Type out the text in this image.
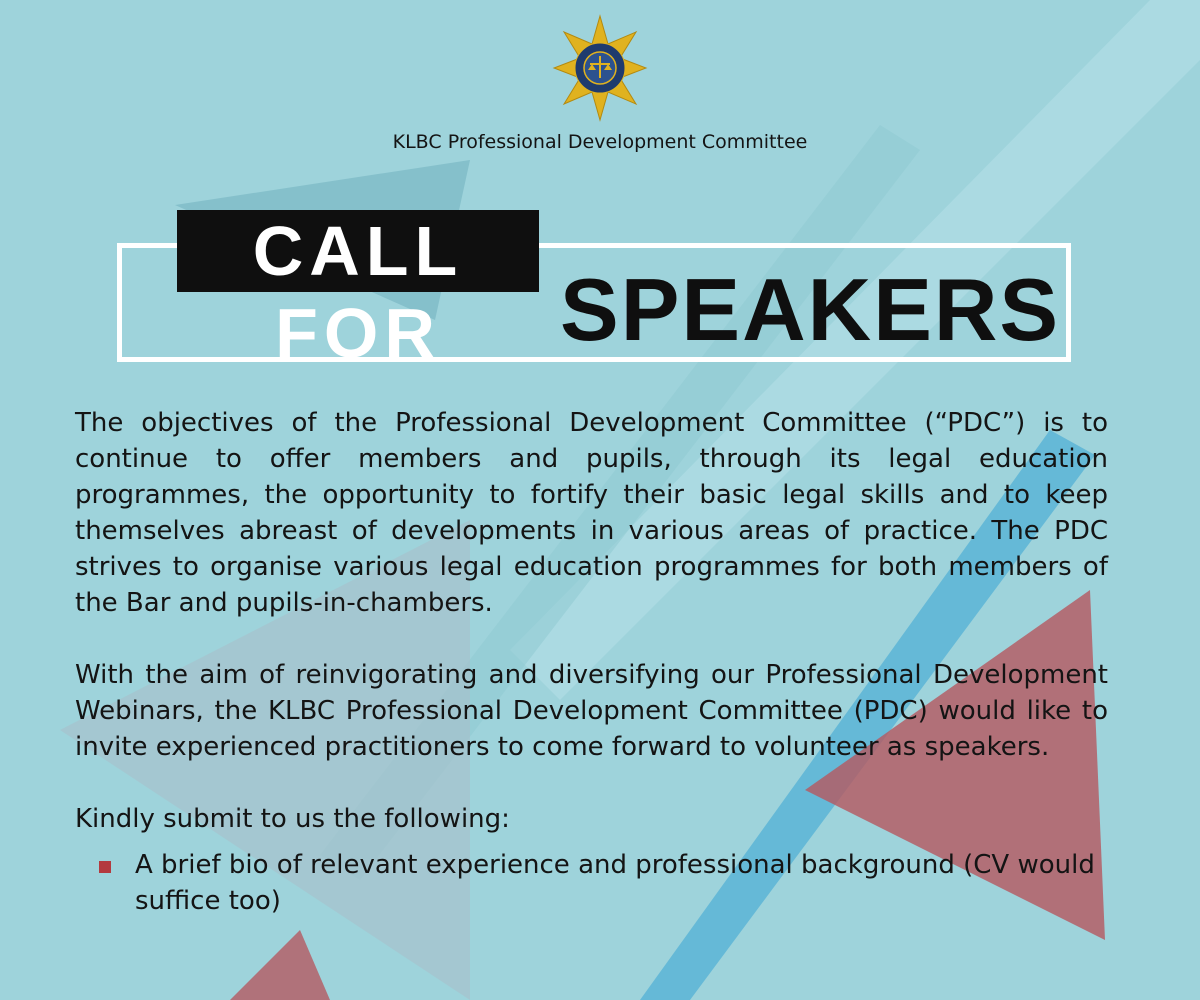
KLBC Professional Development Committee
CALL FOR	SPEAKERS

The objectives of the Professional Development Committee (“PDC”) is to continue to offer members and pupils, through its legal education programmes, the opportunity to fortify their basic legal skills and to keep themselves abreast of developments in various areas of practice. The PDC strives to organise various legal education programmes for both members of the Bar and pupils-in-chambers.

With the aim of reinvigorating and diversifying our Professional Development Webinars, the KLBC Professional Development Committee (PDC) would like to invite experienced practitioners to come forward to volunteer as speakers.

Kindly submit to us the following:

A brief bio of relevant experience and professional background (CV would suffice too)
